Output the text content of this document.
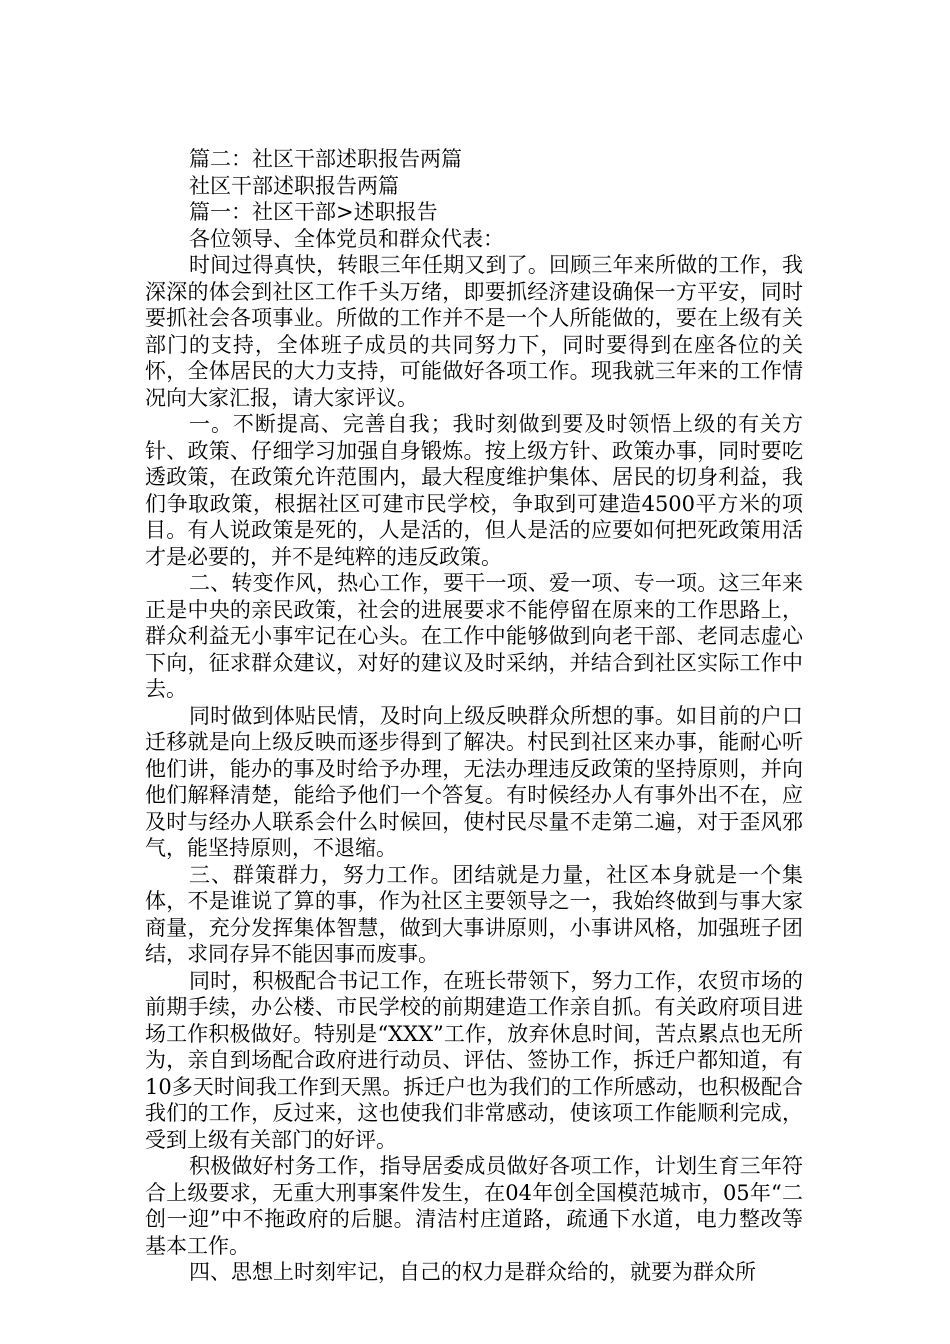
篇二：社区干部述职报告两篇

社区干部述职报告两篇

篇一：社区干部>述职报告

各位领导、全体党员和群众代表：

时间过得真快，转眼三年任期又到了。回顾三年来所做的工作，我深深的体会到社区工作千头万绪，即要抓经济建设确保一方平安，同时要抓社会各项事业。所做的工作并不是一个人所能做的，要在上级有关部门的支持，全体班子成员的共同努力下，同时要得到在座各位的关怀，全体居民的大力支持，可能做好各项工作。现我就三年来的工作情况向大家汇报，请大家评议。

一。不断提高、完善自我；我时刻做到要及时领悟上级的有关方针、政策、仔细学习加强自身锻炼。按上级方针、政策办事，同时要吃透政策，在政策允许范围内，最大程度维护集体、居民的切身利益，我们争取政策，根据社区可建市民学校，争取到可建造4500平方米的项目。有人说政策是死的，人是活的，但人是活的应要如何把死政策用活才是必要的，并不是纯粹的违反政策。

二、转变作风，热心工作，要干一项、爱一项、专一项。这三年来正是中央的亲民政策，社会的进展要求不能停留在原来的工作思路上，群众利益无小事牢记在心头。在工作中能够做到向老干部、老同志虚心下向，征求群众建议，对好的建议及时采纳，并结合到社区实际工作中去。

同时做到体贴民情，及时向上级反映群众所想的事。如目前的户口迁移就是向上级反映而逐步得到了解决。村民到社区来办事，能耐心听他们讲，能办的事及时给予办理，无法办理违反政策的坚持原则，并向他们解释清楚，能给予他们一个答复。有时候经办人有事外出不在，应及时与经办人联系会什么时候回，使村民尽量不走第二遍，对于歪风邪气，能坚持原则，不退缩。

三、群策群力，努力工作。团结就是力量，社区本身就是一个集体，不是谁说了算的事，作为社区主要领导之一，我始终做到与事大家商量，充分发挥集体智慧，做到大事讲原则，小事讲风格，加强班子团结，求同存异不能因事而废事。

同时，积极配合书记工作，在班长带领下，努力工作，农贸市场的前期手续，办公楼、市民学校的前期建造工作亲自抓。有关政府项目进场工作积极做好。特别是“XXX”工作，放弃休息时间，苦点累点也无所为，亲自到场配合政府进行动员、评估、签协工作，拆迁户都知道，有10多天时间我工作到天黑。拆迁户也为我们的工作所感动，也积极配合我们的工作，反过来，这也使我们非常感动，使该项工作能顺利完成，受到上级有关部门的好评。

积极做好村务工作，指导居委成员做好各项工作，计划生育三年符合上级要求，无重大刑事案件发生，在04年创全国模范城市，05年“二创一迎”中不拖政府的后腿。清洁村庄道路，疏通下水道，电力整改等基本工作。

四、思想上时刻牢记，自己的权力是群众给的，就要为群众所
